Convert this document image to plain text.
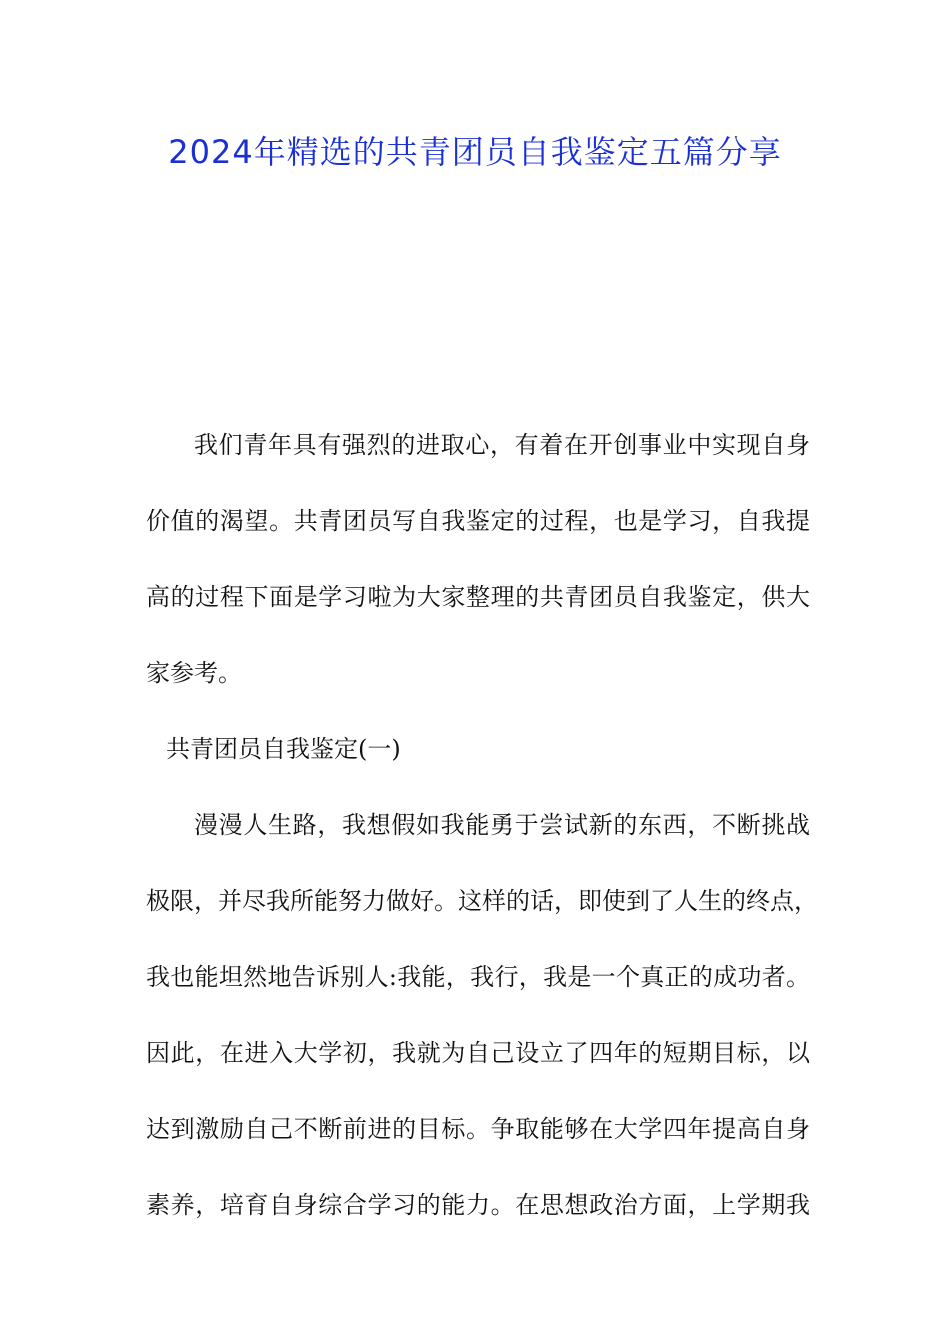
2024年精选的共青团员自我鉴定五篇分享
我们青年具有强烈的进取心，有着在开创事业中实现自身
价值的渴望。共青团员写自我鉴定的过程，也是学习，自我提
高的过程下面是学习啦为大家整理的共青团员自我鉴定，供大
家参考。
共青团员自我鉴定(一)
漫漫人生路，我想假如我能勇于尝试新的东西，不断挑战
极限，并尽我所能努力做好。这样的话，即使到了人生的终点，
我也能坦然地告诉别人:我能，我行，我是一个真正的成功者。
因此，在进入大学初，我就为自己设立了四年的短期目标，以
达到激励自己不断前进的目标。争取能够在大学四年提高自身
素养，培育自身综合学习的能力。在思想政治方面，上学期我
